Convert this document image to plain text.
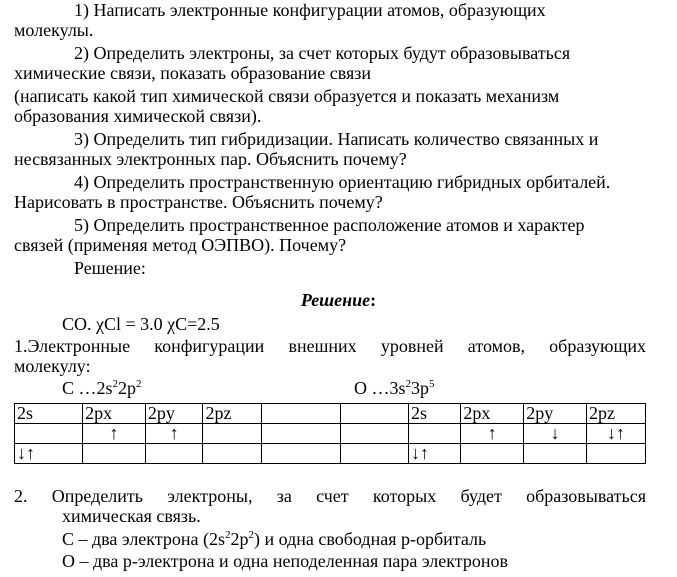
1) Написать электронные конфигурации атомов, образующих
молекулы.
2) Определить электроны, за счет которых будут образовываться
химические связи, показать образование связи
(написать какой тип химической связи образуется и показать механизм
образования химической связи).
3) Определить тип гибридизации. Написать количество связанных и
несвязанных электронных пар. Объяснить почему?
4) Определить пространственную ориентацию гибридных орбиталей.
Нарисовать в пространстве. Объяснить почему?
5) Определить пространственное расположение атомов и характер
связей (применяя метод ОЭПВО). Почему?
Решение:
Решение:
CO. χCl = 3.0 χC=2.5
1.Электронные конфигурации внешних уровней атомов, образующих
молекулу:
C $\dots 2s^22p^2$	O $\dots 3s^23p^5$
2s	2px	2py	2pz			2s	2px	2py	2pz

	↑	↑					↑	↓	↓↑

↓↑						↓↑			
2. Определить электроны, за счет которых будет образовываться
химическая связь.
C – два электрона $(2s^22p^2)$ и одна свободная p-орбиталь
O – два p-электрона и одна неподеленная пара электронов
